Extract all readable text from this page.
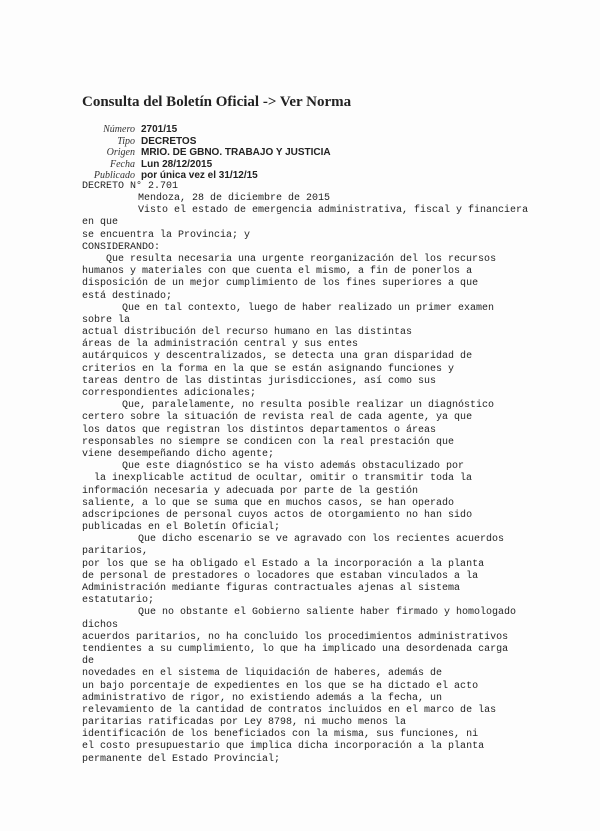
Consulta del Boletín Oficial -> Ver Norma
Número 2701/15
Tipo DECRETOS
Origen MRIO. DE GBNO. TRABAJO Y JUSTICIA
Fecha Lun 28/12/2015
Publicado por única vez el 31/12/15
DECRETO N° 2.701
Mendoza, 28 de diciembre de 2015
Visto el estado de emergencia administrativa, fiscal y financiera
en que
se encuentra la Provincia; y
CONSIDERANDO:
Que resulta necesaria una urgente reorganización del los recursos
humanos y materiales con que cuenta el mismo, a fin de ponerlos a
disposición de un mejor cumplimiento de los fines superiores a que
está destinado;
Que en tal contexto, luego de haber realizado un primer examen
sobre la
actual distribución del recurso humano en las distintas
áreas de la administración central y sus entes
autárquicos y descentralizados, se detecta una gran disparidad de
criterios en la forma en la que se están asignando funciones y
tareas dentro de las distintas jurisdicciones, así como sus
correspondientes adicionales;
Que, paralelamente, no resulta posible realizar un diagnóstico
certero sobre la situación de revista real de cada agente, ya que
los datos que registran los distintos departamentos o áreas
responsables no siempre se condicen con la real prestación que
viene desempeñando dicho agente;
Que este diagnóstico se ha visto además obstaculizado por
la inexplicable actitud de ocultar, omitir o transmitir toda la
información necesaria y adecuada por parte de la gestión
saliente, a lo que se suma que en muchos casos, se han operado
adscripciones de personal cuyos actos de otorgamiento no han sido
publicadas en el Boletín Oficial;
Que dicho escenario se ve agravado con los recientes acuerdos
paritarios,
por los que se ha obligado el Estado a la incorporación a la planta
de personal de prestadores o locadores que estaban vinculados a la
Administración mediante figuras contractuales ajenas al sistema
estatutario;
Que no obstante el Gobierno saliente haber firmado y homologado
dichos
acuerdos paritarios, no ha concluido los procedimientos administrativos
tendientes a su cumplimiento, lo que ha implicado una desordenada carga
de
novedades en el sistema de liquidación de haberes, además de
un bajo porcentaje de expedientes en los que se ha dictado el acto
administrativo de rigor, no existiendo además a la fecha, un
relevamiento de la cantidad de contratos incluidos en el marco de las
paritarias ratificadas por Ley 8798, ni mucho menos la
identificación de los beneficiados con la misma, sus funciones, ni
el costo presupuestario que implica dicha incorporación a la planta
permanente del Estado Provincial;
